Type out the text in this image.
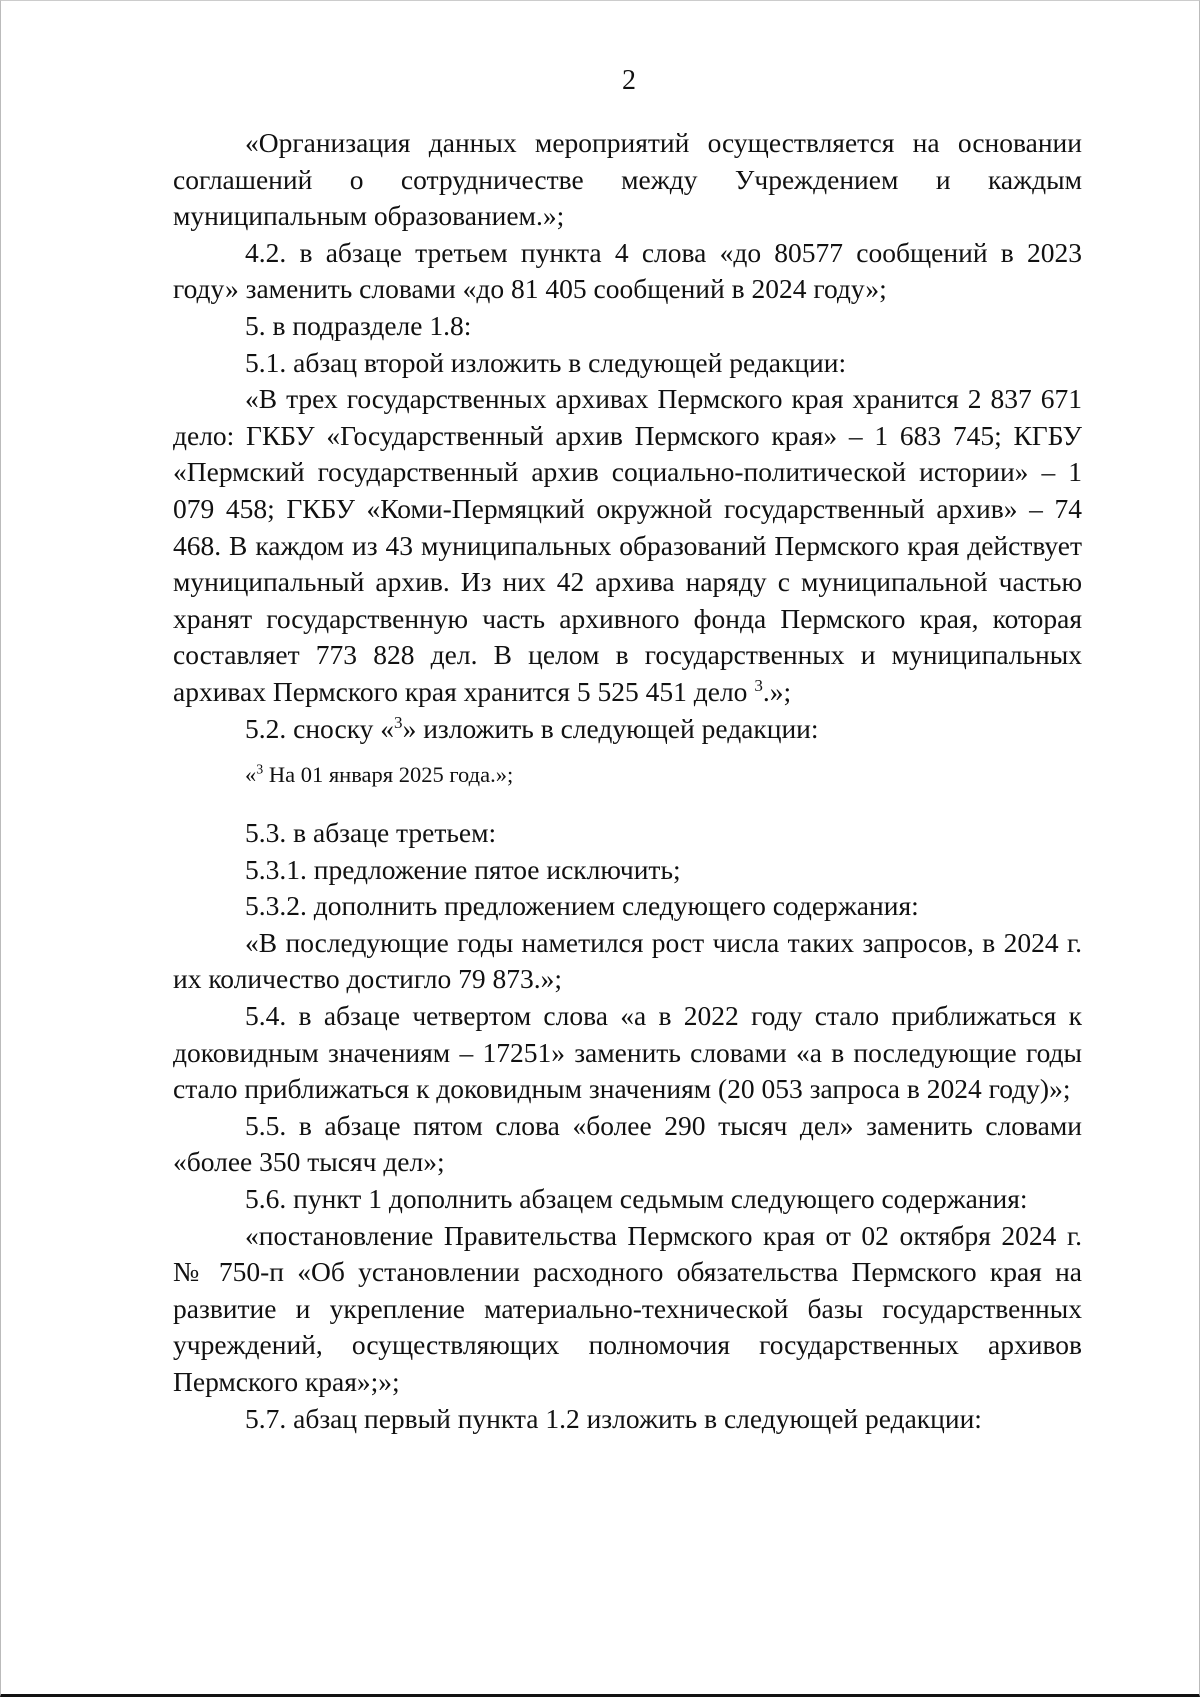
2

«Организация данных мероприятий осуществляется на основании соглашений о сотрудничестве между Учреждением и каждым муниципальным образованием.»;

4.2. в абзаце третьем пункта 4 слова «до 80577 сообщений в 2023 году» заменить словами «до 81 405 сообщений в 2024 году»;

5. в подразделе 1.8:

5.1. абзац второй изложить в следующей редакции:

«В трех государственных архивах Пермского края хранится 2 837 671 дело: ГКБУ «Государственный архив Пермского края» – 1 683 745; КГБУ «Пермский государственный архив социально-политической истории» – 1 079 458; ГКБУ «Коми-Пермяцкий окружной государственный архив» – 74 468. В каждом из 43 муниципальных образований Пермского края действует муниципальный архив. Из них 42 архива наряду с муниципальной частью хранят государственную часть архивного фонда Пермского края, которая составляет 773 828 дел. В целом в государственных и муниципальных архивах Пермского края хранится 5 525 451 дело $^3$.»;

5.2. сноску «$^3$» изложить в следующей редакции:

«$^3$ На 01 января 2025 года.»;

5.3. в абзаце третьем:

5.3.1. предложение пятое исключить;

5.3.2. дополнить предложением следующего содержания:

«В последующие годы наметился рост числа таких запросов, в 2024 г. их количество достигло 79 873.»;

5.4. в абзаце четвертом слова «а в 2022 году стало приближаться к доковидным значениям – 17251» заменить словами «а в последующие годы стало приближаться к доковидным значениям (20 053 запроса в 2024 году)»;

5.5. в абзаце пятом слова «более 290 тысяч дел» заменить словами «более 350 тысяч дел»;

5.6. пункт 1 дополнить абзацем седьмым следующего содержания:

«постановление Правительства Пермского края от 02 октября 2024 г. № 750-п «Об установлении расходного обязательства Пермского края на развитие и укрепление материально-технической базы государственных учреждений, осуществляющих полномочия государственных архивов Пермского края»;»;

5.7. абзац первый пункта 1.2 изложить в следующей редакции:
